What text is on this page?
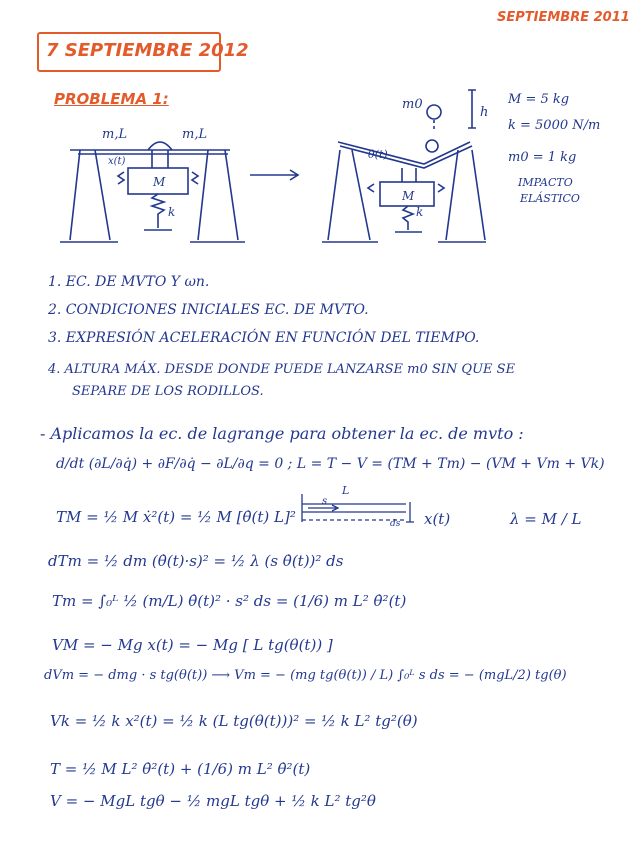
SEPTIEMBRE 2011
7 SEPTIEMBRE 2012
PROBLEMA 1:
m,L	m,L
x(t)
M
k
m0
h
θ(t)
M
k
M = 5 kg
k = 5000 N/m
m0 = 1 kg
IMPACTO
ELÁSTICO
1. EC. DE MVTO Y ωn.
2. CONDICIONES INICIALES EC. DE MVTO.
3. EXPRESIÓN ACELERACIÓN EN FUNCIÓN DEL TIEMPO.
4. ALTURA MÁX. DESDE DONDE PUEDE LANZARSE m0 SIN QUE SE
SEPARE DE LOS RODILLOS.
- Aplicamos la ec. de lagrange para obtener la ec. de mvto :
d/dt (∂L/∂q̇) + ∂F/∂q̇ − ∂L/∂q = 0 ; L = T − V = (TM + Tm) − (VM + Vm + Vk)
TM = ½ M ẋ²(t) = ½ M [θ̇(t) L]²
L
s
ds x(t)	λ = M / L
dTm = ½ dm (θ̇(t)·s)² = ½ λ (s θ̇(t))² ds
Tm = ∫₀ᴸ ½ (m/L) θ̇(t)² · s² ds = (1/6) m L² θ̇²(t)
VM = − Mg x(t) = − Mg [ L tg(θ(t)) ]
dVm = − dmg · s tg(θ(t)) ⟶ Vm = − (mg tg(θ(t)) / L) ∫₀ᴸ s ds = − (mgL/2) tg(θ)
Vk = ½ k x²(t) = ½ k (L tg(θ(t)))² = ½ k L² tg²(θ)
T = ½ M L² θ̇²(t) + (1/6) m L² θ̇²(t)
V = − MgL tgθ − ½ mgL tgθ + ½ k L² tg²θ
